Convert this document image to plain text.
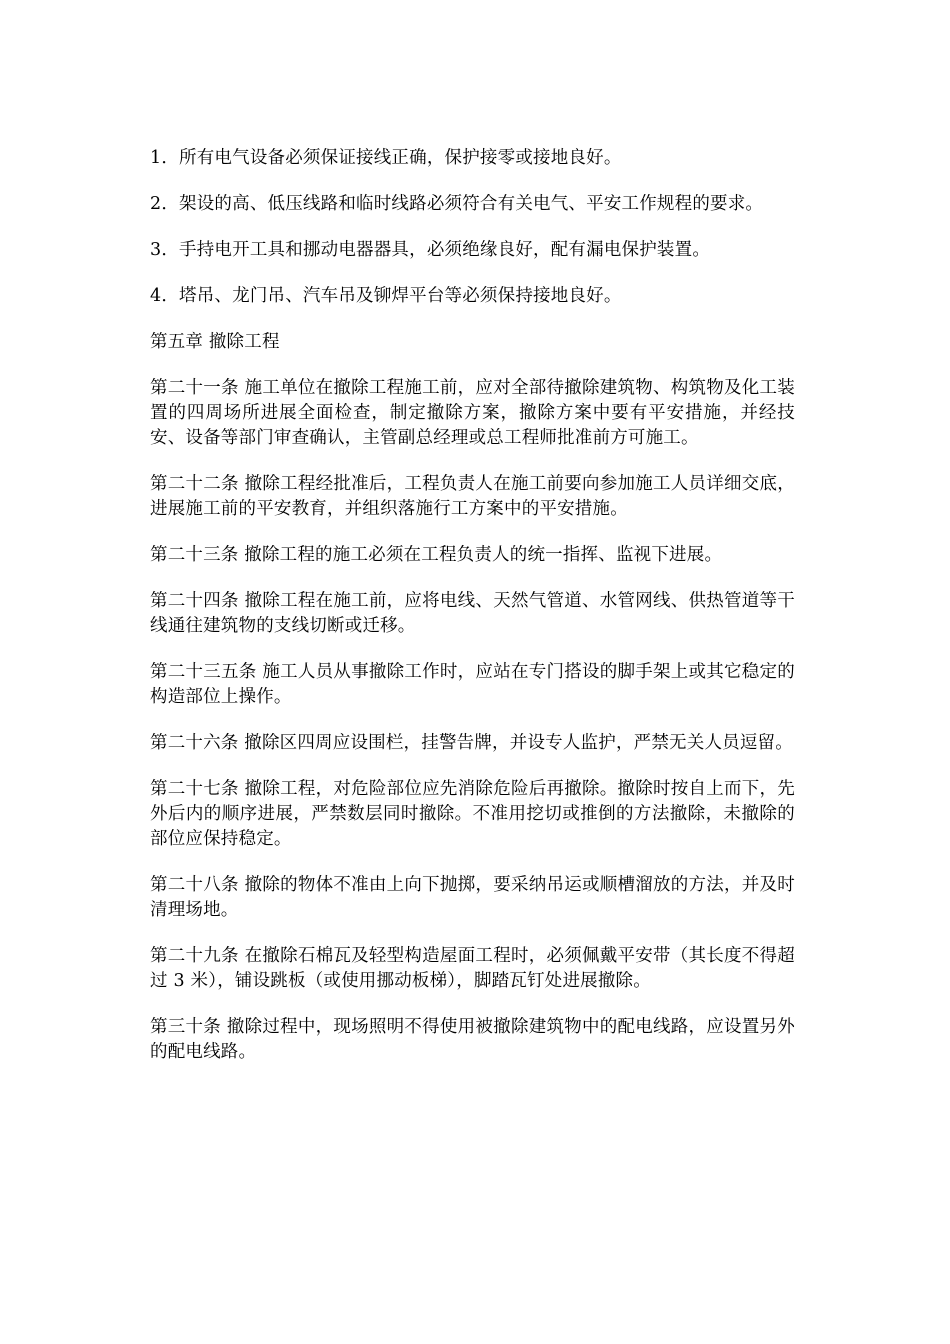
1．所有电气设备必须保证接线正确，保护接零或接地良好。

2．架设的高、低压线路和临时线路必须符合有关电气、平安工作规程的要求。

3．手持电开工具和挪动电器器具，必须绝缘良好，配有漏电保护装置。

4．塔吊、龙门吊、汽车吊及铆焊平台等必须保持接地良好。

第五章 撤除工程

第二十一条 施工单位在撤除工程施工前，应对全部待撤除建筑物、构筑物及化工装置的四周场所进展全面检查，制定撤除方案，撤除方案中要有平安措施，并经技安、设备等部门审查确认，主管副总经理或总工程师批准前方可施工。

第二十二条 撤除工程经批准后，工程负责人在施工前要向参加施工人员详细交底，进展施工前的平安教育，并组织落施行工方案中的平安措施。

第二十三条 撤除工程的施工必须在工程负责人的统一指挥、监视下进展。

第二十四条 撤除工程在施工前，应将电线、天然气管道、水管网线、供热管道等干线通往建筑物的支线切断或迁移。

第二十三五条 施工人员从事撤除工作时，应站在专门搭设的脚手架上或其它稳定的构造部位上操作。

第二十六条 撤除区四周应设围栏，挂警告牌，并设专人监护，严禁无关人员逗留。

第二十七条 撤除工程，对危险部位应先消除危险后再撤除。撤除时按自上而下，先外后内的顺序进展，严禁数层同时撤除。不准用挖切或推倒的方法撤除，未撤除的部位应保持稳定。

第二十八条 撤除的物体不准由上向下抛掷，要采纳吊运或顺槽溜放的方法，并及时清理场地。

第二十九条 在撤除石棉瓦及轻型构造屋面工程时，必须佩戴平安带（其长度不得超过 3 米），铺设跳板（或使用挪动板梯），脚踏瓦钉处进展撤除。

第三十条 撤除过程中，现场照明不得使用被撤除建筑物中的配电线路，应设置另外的配电线路。
